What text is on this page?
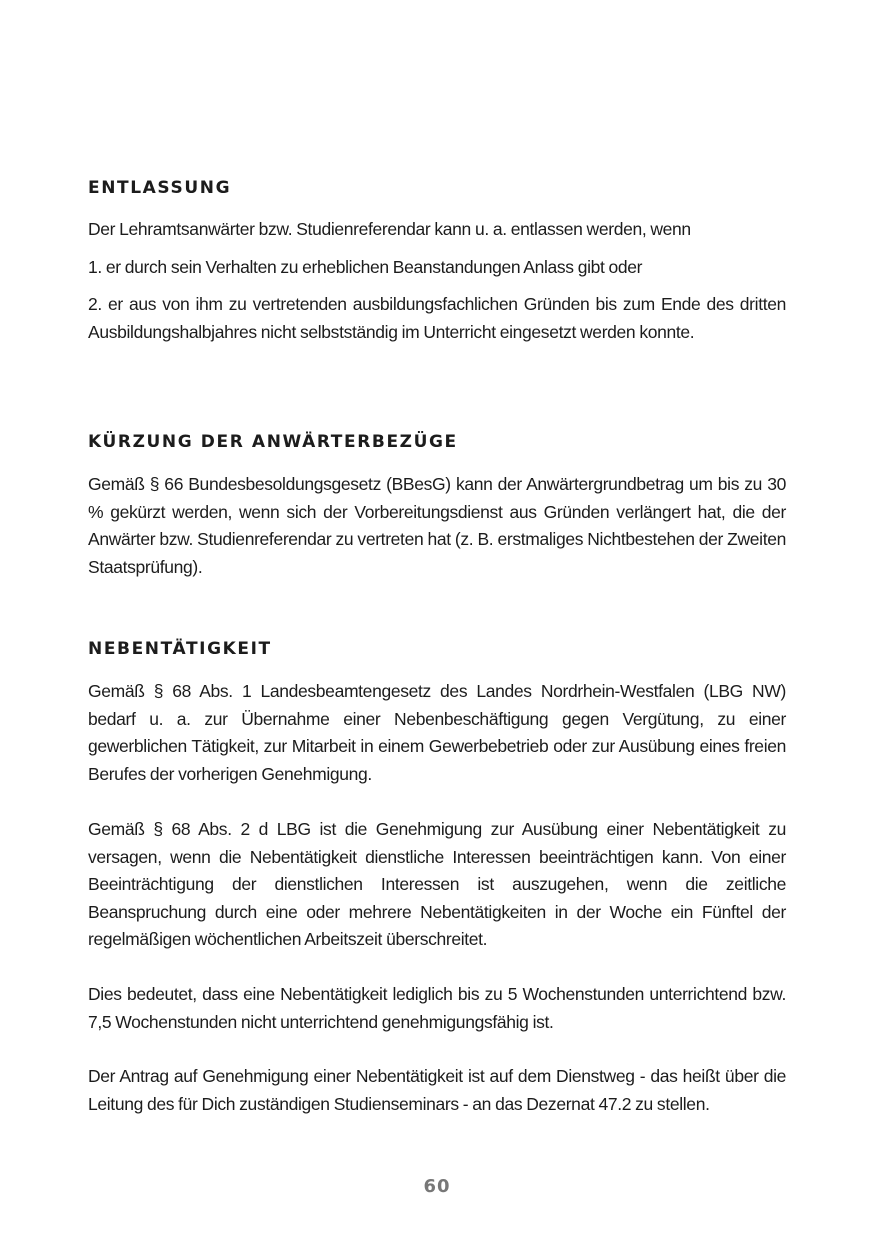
ENTLASSUNG

Der Lehramtsanwärter bzw. Studienreferendar kann u. a. entlassen werden, wenn

1. er durch sein Verhalten zu erheblichen Beanstandungen Anlass gibt oder

2. er aus von ihm zu vertretenden ausbildungsfachlichen Gründen bis zum Ende des dritten Ausbildungshalbjahres nicht selbstständig im Unterricht eingesetzt werden konnte.

KÜRZUNG DER ANWÄRTERBEZÜGE

Gemäß § 66 Bundesbesoldungsgesetz (BBesG) kann der Anwärtergrundbetrag um bis zu 30 % gekürzt werden, wenn sich der Vorbereitungsdienst aus Gründen verlängert hat, die der Anwärter bzw. Studienreferendar zu vertreten hat (z. B. erstmaliges Nichtbestehen der Zweiten Staatsprüfung).

NEBENTÄTIGKEIT

Gemäß § 68 Abs. 1 Landesbeamtengesetz des Landes Nordrhein-Westfalen (LBG NW) bedarf u. a. zur Übernahme einer Nebenbeschäftigung gegen Vergütung, zu einer gewerblichen Tätigkeit, zur Mitarbeit in einem Gewerbebetrieb oder zur Ausübung eines freien Berufes der vorherigen Genehmigung.

Gemäß § 68 Abs. 2 d LBG ist die Genehmigung zur Ausübung einer Nebentätigkeit zu versagen, wenn die Nebentätigkeit dienstliche Interessen beeinträchtigen kann. Von einer Beeinträchtigung der dienstlichen Interessen ist auszugehen, wenn die zeitliche Beanspruchung durch eine oder mehrere Nebentätigkeiten in der Woche ein Fünftel der regelmäßigen wöchentlichen Arbeitszeit überschreitet.

Dies bedeutet, dass eine Nebentätigkeit lediglich bis zu 5 Wochenstunden unterrichtend bzw. 7,5 Wochenstunden nicht unterrichtend genehmigungsfähig ist.

Der Antrag auf Genehmigung einer Nebentätigkeit ist auf dem Dienstweg - das heißt über die Leitung des für Dich zuständigen Studienseminars - an das Dezernat 47.2 zu stellen.

60
